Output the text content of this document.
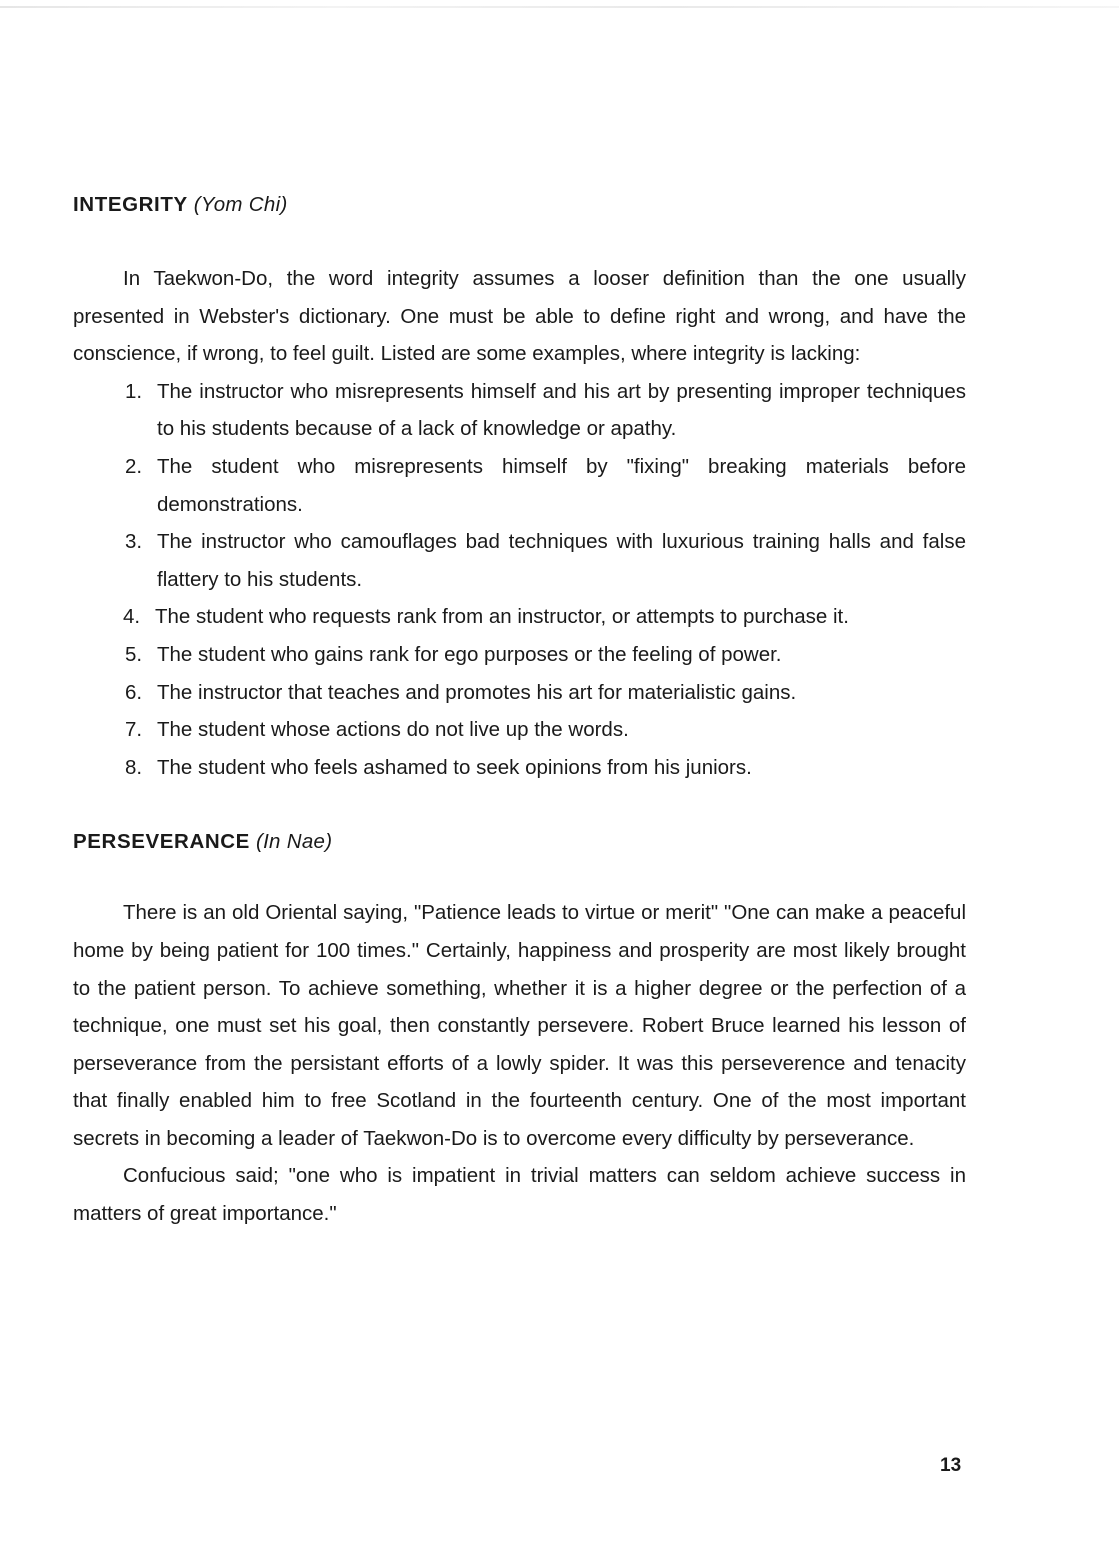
INTEGRITY (Yom Chi)

In Taekwon-Do, the word integrity assumes a looser definition than the one usually presented in Webster's dictionary. One must be able to define right and wrong, and have the conscience, if wrong, to feel guilt. Listed are some examples, where integrity is lacking:

1. The instructor who misrepresents himself and his art by presenting improper techniques to his students because of a lack of knowledge or apathy.
2. The student who misrepresents himself by "fixing" breaking materials before demonstrations.
3. The instructor who camouflages bad techniques with luxurious training halls and false flattery to his students.
4. The student who requests rank from an instructor, or attempts to purchase it.
5. The student who gains rank for ego purposes or the feeling of power.
6. The instructor that teaches and promotes his art for materialistic gains.
7. The student whose actions do not live up the words.
8. The student who feels ashamed to seek opinions from his juniors.
PERSEVERANCE (In Nae)

There is an old Oriental saying, "Patience leads to virtue or merit" "One can make a peaceful home by being patient for 100 times." Certainly, happiness and prosperity are most likely brought to the patient person. To achieve something, whether it is a higher degree or the perfection of a technique, one must set his goal, then constantly persevere. Robert Bruce learned his lesson of perseverance from the persistant efforts of a lowly spider. It was this perseverence and tenacity that finally enabled him to free Scotland in the fourteenth century. One of the most important secrets in becoming a leader of Taekwon-Do is to overcome every difficulty by perseverance.

Confucious said; "one who is impatient in trivial matters can seldom achieve success in matters of great importance."

13
